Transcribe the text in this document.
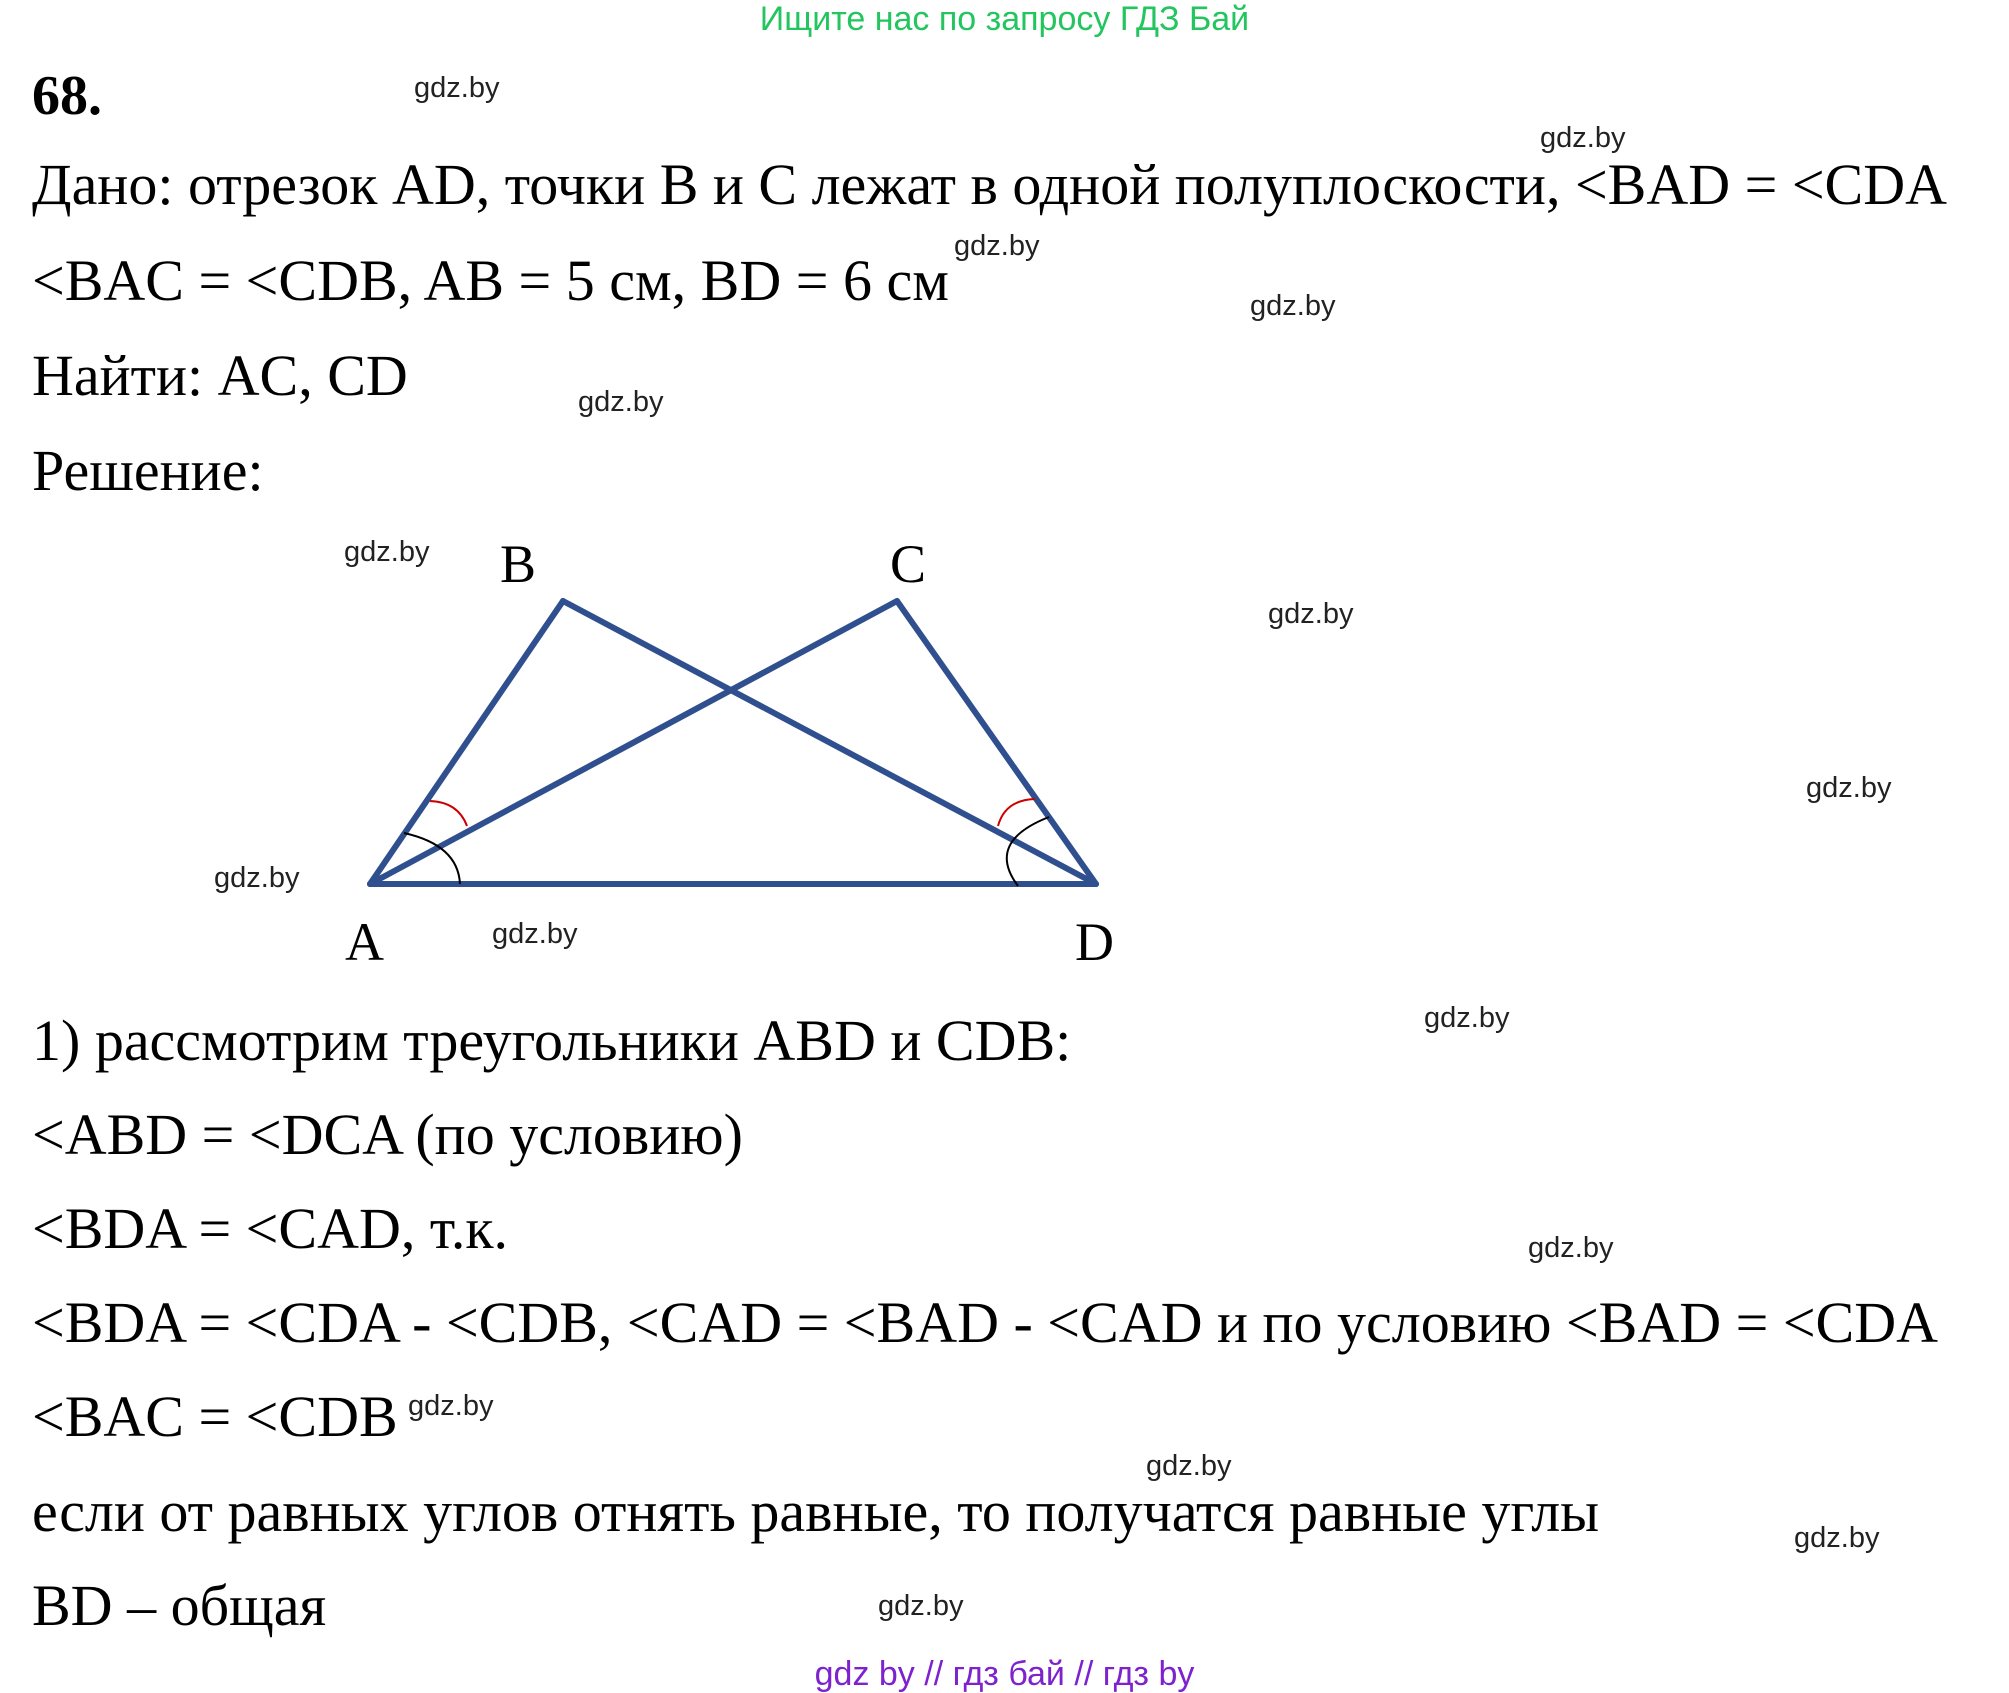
Ищите нас по запросу ГДЗ Бай
68.
Дано: отрезок AD, точки B и C лежат в одной полуплоскости, <BAD = <CDA
<BAC = <CDB, AB = 5 см, BD = 6 см
Найти: AC, CD
Решение:
B	C
A	D
1) рассмотрим треугольники ABD и CDB:
<ABD = <DCA (по условию)
<BDA = <CAD, т.к.
<BDA = <CDA - <CDB, <CAD = <BAD - <CAD и по условию <BAD = <CDA
<BAC = <CDB
если от равных углов отнять равные, то получатся равные углы
BD – общая
gdz.by
gdz.by
gdz.by
gdz.by
gdz.by
gdz.by
gdz.by
gdz.by
gdz.by
gdz.by
gdz.by
gdz.by
gdz.by
gdz.by
gdz.by
gdz.by
gdz by // гдз бай // гдз by
